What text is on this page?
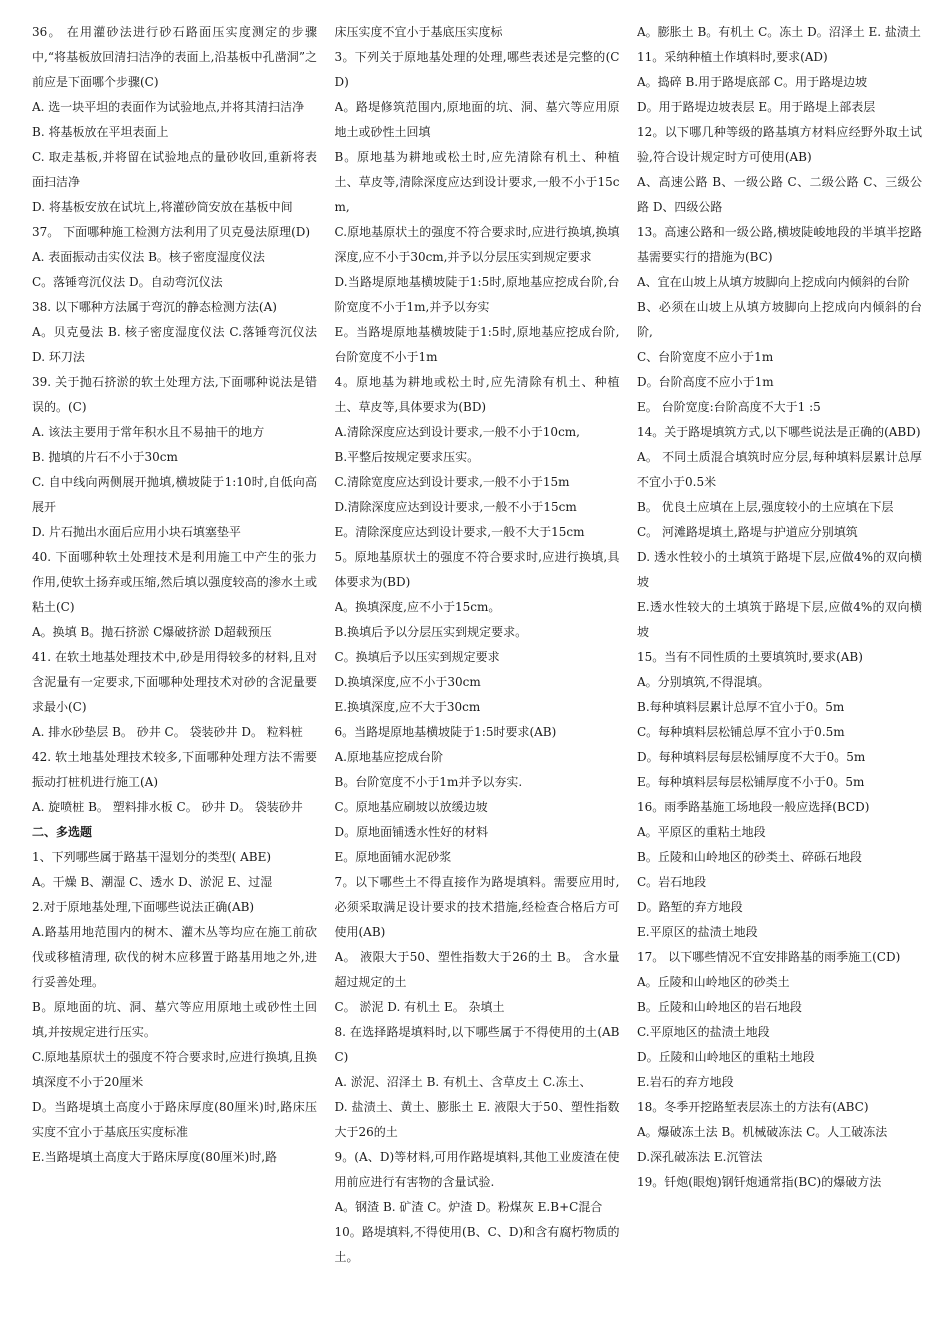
36。 在用灌砂法进行砂石路面压实度测定的步骤中,“将基板放回清扫洁净的表面上,沿基板中孔凿洞”之前应是下面哪个步骤(C)

A. 选一块平坦的表面作为试验地点,并将其清扫洁净

B. 将基板放在平坦表面上

C. 取走基板,并将留在试验地点的量砂收回,重新将表面扫洁净

D. 将基板安放在试坑上,将灌砂筒安放在基板中间

37。 下面哪种施工检测方法利用了贝克曼法原理(D)

A. 表面振动击实仪法 B。核子密度湿度仪法

C。落锤弯沉仪法 D。自动弯沉仪法

38. 以下哪种方法属于弯沉的静态检测方法(A)

A。贝克曼法 B. 核子密度湿度仪法 C.落锤弯沉仪法 D. 环刀法

39. 关于抛石挤淤的软土处理方法,下面哪种说法是错误的。(C)

A. 该法主要用于常年积水且不易抽干的地方

B. 抛填的片石不小于30cm

C. 自中线向两侧展开抛填,横坡陡于1:10时,自低向高展开

D. 片石抛出水面后应用小块石填塞垫平

40. 下面哪种软土处理技术是利用施工中产生的张力作用,使软土扬弃或压缩,然后填以强度较高的渗水土或粘土(C)

A。换填 B。抛石挤淤 C爆破挤淤 D超载预压

41. 在软土地基处理技术中,砂是用得较多的材料,且对含泥量有一定要求,下面哪种处理技术对砂的含泥量要求最小(C)

A. 排水砂垫层 B。 砂井 C。 袋装砂井 D。 粒料桩

42. 软土地基处理技术较多,下面哪种处理方法不需要振动打桩机进行施工(A)

A. 旋喷桩 B。 塑料排水板 C。 砂井 D。 袋装砂井

二、多选题

1、下列哪些属于路基干湿划分的类型( ABE)

A。干燥 B、潮湿 C、透水 D、淤泥 E、过湿

2.对于原地基处理,下面哪些说法正确(AB)

A.路基用地范围内的树木、灌木丛等均应在施工前砍伐或移植清理, 砍伐的树木应移置于路基用地之外,进行妥善处理。

B。原地面的坑、洞、墓穴等应用原地土或砂性土回填,并按规定进行压实。

C.原地基原状土的强度不符合要求时,应进行换填,且换填深度不小于20厘米

D。当路堤填土高度小于路床厚度(80厘米)时,路床压实度不宜小于基底压实度标准

E.当路堤填土高度大于路床厚度(80厘米)时,路

床压实度不宜小于基底压实度标

3。下列关于原地基处理的处理,哪些表述是完整的(CD)

A。路堤修筑范围内,原地面的坑、洞、墓穴等应用原地土或砂性土回填

B。原地基为耕地或松土时,应先清除有机土、种植土、草皮等,清除深度应达到设计要求,一般不小于15cm,

C.原地基原状土的强度不符合要求时,应进行换填,换填深度,应不小于30cm,并予以分层压实到规定要求

D.当路堤原地基横坡陡于1:5时,原地基应挖成台阶,台阶宽度不小于1m,并予以夯实

E。当路堤原地基横坡陡于1:5时,原地基应挖成台阶,台阶宽度不小于1m

4。原地基为耕地或松土时,应先清除有机土、种植土、草皮等,具体要求为(BD)

A.清除深度应达到设计要求,一般不小于10cm,

B.平整后按规定要求压实。

C.清除宽度应达到设计要求,一般不小于15m

D.清除深度应达到设计要求,一般不小于15cm

E。清除深度应达到设计要求,一般不大于15cm

5。原地基原状土的强度不符合要求时,应进行换填,具体要求为(BD)

A。换填深度,应不小于15cm。

B.换填后予以分层压实到规定要求。

C。换填后予以压实到规定要求

D.换填深度,应不小于30cm

E.换填深度,应不大于30cm

6。当路堤原地基横坡陡于1:5时要求(AB)

A.原地基应挖成台阶

B。台阶宽度不小于1m并予以夯实.

C。原地基应刷坡以放缓边坡

D。原地面铺透水性好的材料

E。原地面铺水泥砂浆

7。以下哪些土不得直接作为路堤填料。需要应用时,必须采取满足设计要求的技术措施,经检查合格后方可使用(AB)

A。 液限大于50、塑性指数大于26的土 B。 含水量超过规定的土

C。 淤泥 D. 有机土 E。 杂填土

8. 在选择路堤填料时,以下哪些属于不得使用的土(ABC)

A. 淤泥、沼泽土 B. 有机土、含草皮土 C.冻土、

D. 盐渍土、黄土、膨胀土 E. 液限大于50、塑性指数大于26的土

9。(A、D)等材料,可用作路堤填料,其他工业废渣在使用前应进行有害物的含量试验.

A。钢渣 B. 矿渣 C。炉渣 D。粉煤灰 E.B+C混合

10。路堤填料,不得使用(B、C、D)和含有腐朽物质的土。

A。膨胀土 B。有机土 C。冻土 D。沼泽土 E. 盐渍土

11。采纳种植土作填料时,要求(AD)

A。捣碎 B.用于路堤底部 C。用于路堤边坡

D。用于路堤边坡表层 E。用于路堤上部表层

12。以下哪几种等级的路基填方材料应经野外取土试验,符合设计规定时方可使用(AB)

A、高速公路 B、一级公路 C、二级公路 C、三级公路 D、四级公路

13。高速公路和一级公路,横坡陡峻地段的半填半挖路基需要实行的措施为(BC)

A、宜在山坡上从填方坡脚向上挖成向内倾斜的台阶

B、必须在山坡上从填方坡脚向上挖成向内倾斜的台阶,

C、台阶宽度不应小于1m

D。台阶高度不应小于1m

E。 台阶宽度:台阶高度不大于1 :5

14。关于路堤填筑方式,以下哪些说法是正确的(ABD)

A。 不同土质混合填筑时应分层,每种填料层累计总厚不宜小于0.5米

B。 优良土应填在上层,强度较小的土应填在下层

C。 河滩路堤填土,路堤与护道应分别填筑

D. 透水性较小的土填筑于路堤下层,应做4%的双向横坡

E.透水性较大的土填筑于路堤下层,应做4%的双向横坡

15。当有不同性质的土要填筑时,要求(AB)

A。分别填筑,不得混填。

B.每种填料层累计总厚不宜小于0。5m

C。每种填料层松铺总厚不宜小于0.5m

D。每种填料层每层松铺厚度不大于0。5m

E。每种填料层每层松铺厚度不小于0。5m

16。雨季路基施工场地段一般应选择(BCD)

A。平原区的重粘土地段

B。丘陵和山岭地区的砂类土、碎砾石地段

C。岩石地段

D。路堑的弃方地段

E.平原区的盐渍土地段

17。 以下哪些情况不宜安排路基的雨季施工(CD)

A。丘陵和山岭地区的砂类土

B。丘陵和山岭地区的岩石地段

C.平原地区的盐渍土地段

D。丘陵和山岭地区的重粘土地段

E.岩石的弃方地段

18。冬季开挖路堑表层冻土的方法有(ABC)

A。爆破冻土法 B。机械破冻法 C。人工破冻法

D.深孔破冻法 E.沉管法

19。钎炮(眼炮)钢钎炮通常指(BC)的爆破方法
